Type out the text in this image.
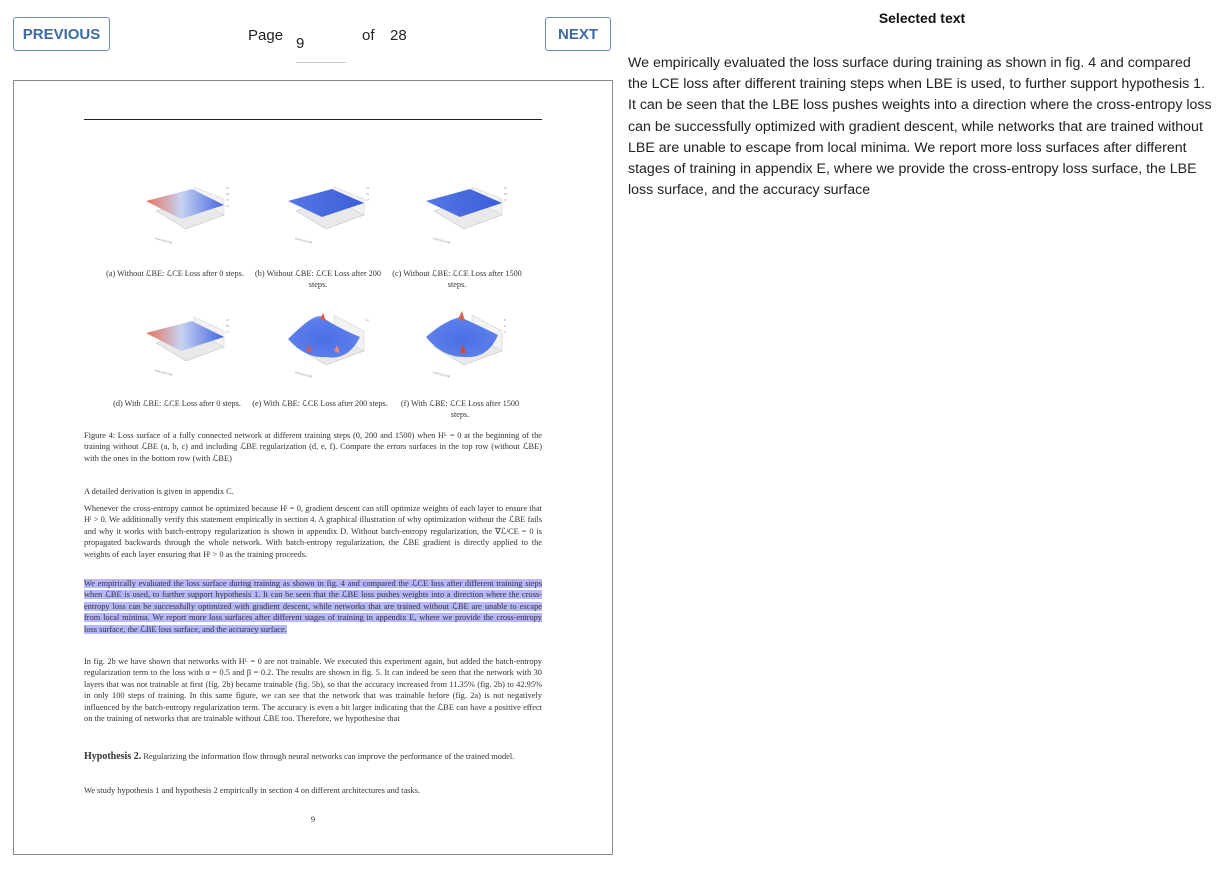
PREVIOUS	Page
9	of 28	NEXT
21
19
17
15
-0.04-0.02 0.00
21
19
17
-0.04-0.02 0.00
21
19
17
-0.04-0.02 0.00
(a) Without ℒBE: ℒCE Loss after 0 steps.	(b) Without ℒBE: ℒCE Loss after 200 steps.
(c) Without ℒBE: ℒCE Loss after 1500 steps.
21
19
17
-0.04-0.02 0.00
1e
-0.04-0.02 0.00
8
6
4
-0.04-0.02 0.00
(d) With ℒBE: ℒCE Loss after 0 steps.	(e) With ℒBE: ℒCE Loss after 200 steps.	(f) With ℒBE: ℒCE Loss after 1500 steps.
Figure 4: Loss surface of a fully connected network at different training steps (0, 200 and 1500) when Hᴸ = 0 at the beginning of the training without ℒBE (a, b, c) and including ℒBE regularization (d, e, f). Compare the errors surfaces in the top row (without ℒBE) with the ones in the bottom row (with ℒBE)
A detailed derivation is given in appendix C.
Whenever the cross-entropy cannot be optimized because Hˡ = 0, gradient descent can still optimize weights of each layer to ensure that Hˡ > 0. We additionally verify this statement empirically in section 4. A graphical illustration of why optimization without the ℒBE fails and why it works with batch-entropy regularization is shown in appendix D. Without batch-entropy regularization, the ∇ℒˡCE = 0 is propagated backwards through the whole network. With batch-entropy regularization, the ℒBE gradient is directly applied to the weights of each layer ensuring that Hˡ > 0 as the training proceeds.
We empirically evaluated the loss surface during training as shown in fig. 4 and compared the ℒCE loss after different training steps when ℒBE is used, to further support hypothesis 1. It can be seen that the ℒBE loss pushes weights into a direction where the cross-entropy loss can be successfully optimized with gradient descent, while networks that are trained without ℒBE are unable to escape from local minima. We report more loss surfaces after different stages of training in appendix E, where we provide the cross-entropy loss surface, the ℒBE loss surface, and the accuracy surface.
In fig. 2b we have shown that networks with Hᴸ = 0 are not trainable. We executed this experiment again, but added the batch-entropy regularization term to the loss with α = 0.5 and β = 0.2. The results are shown in fig. 5. It can indeed be seen that the network with 30 layers that was not trainable at first (fig. 2b) became trainable (fig. 5b), so that the accuracy increased from 11.35% (fig. 2b) to 42.95% in only 100 steps of training. In this same figure, we can see that the network that was trainable before (fig. 2a) is not negatively influenced by the batch-entropy regularization term. The accuracy is even a bit larger indicating that the ℒBE can have a positive effect on the training of networks that are trainable without ℒBE too. Therefore, we hypothesise that
Hypothesis 2. Regularizing the information flow through neural networks can improve the performance of the trained model.
We study hypothesis 1 and hypothesis 2 empirically in section 4 on different architectures and tasks.
9
Selected text
We empirically evaluated the loss surface during training as shown in fig. 4 and compared the LCE loss after different training steps when LBE is used, to further support hypothesis 1. It can be seen that the LBE loss pushes weights into a direction where the cross-entropy loss can be successfully optimized with gradient descent, while networks that are trained without LBE are unable to escape from local minima. We report more loss surfaces after different stages of training in appendix E, where we provide the cross-entropy loss surface, the LBE loss surface, and the accuracy surface
